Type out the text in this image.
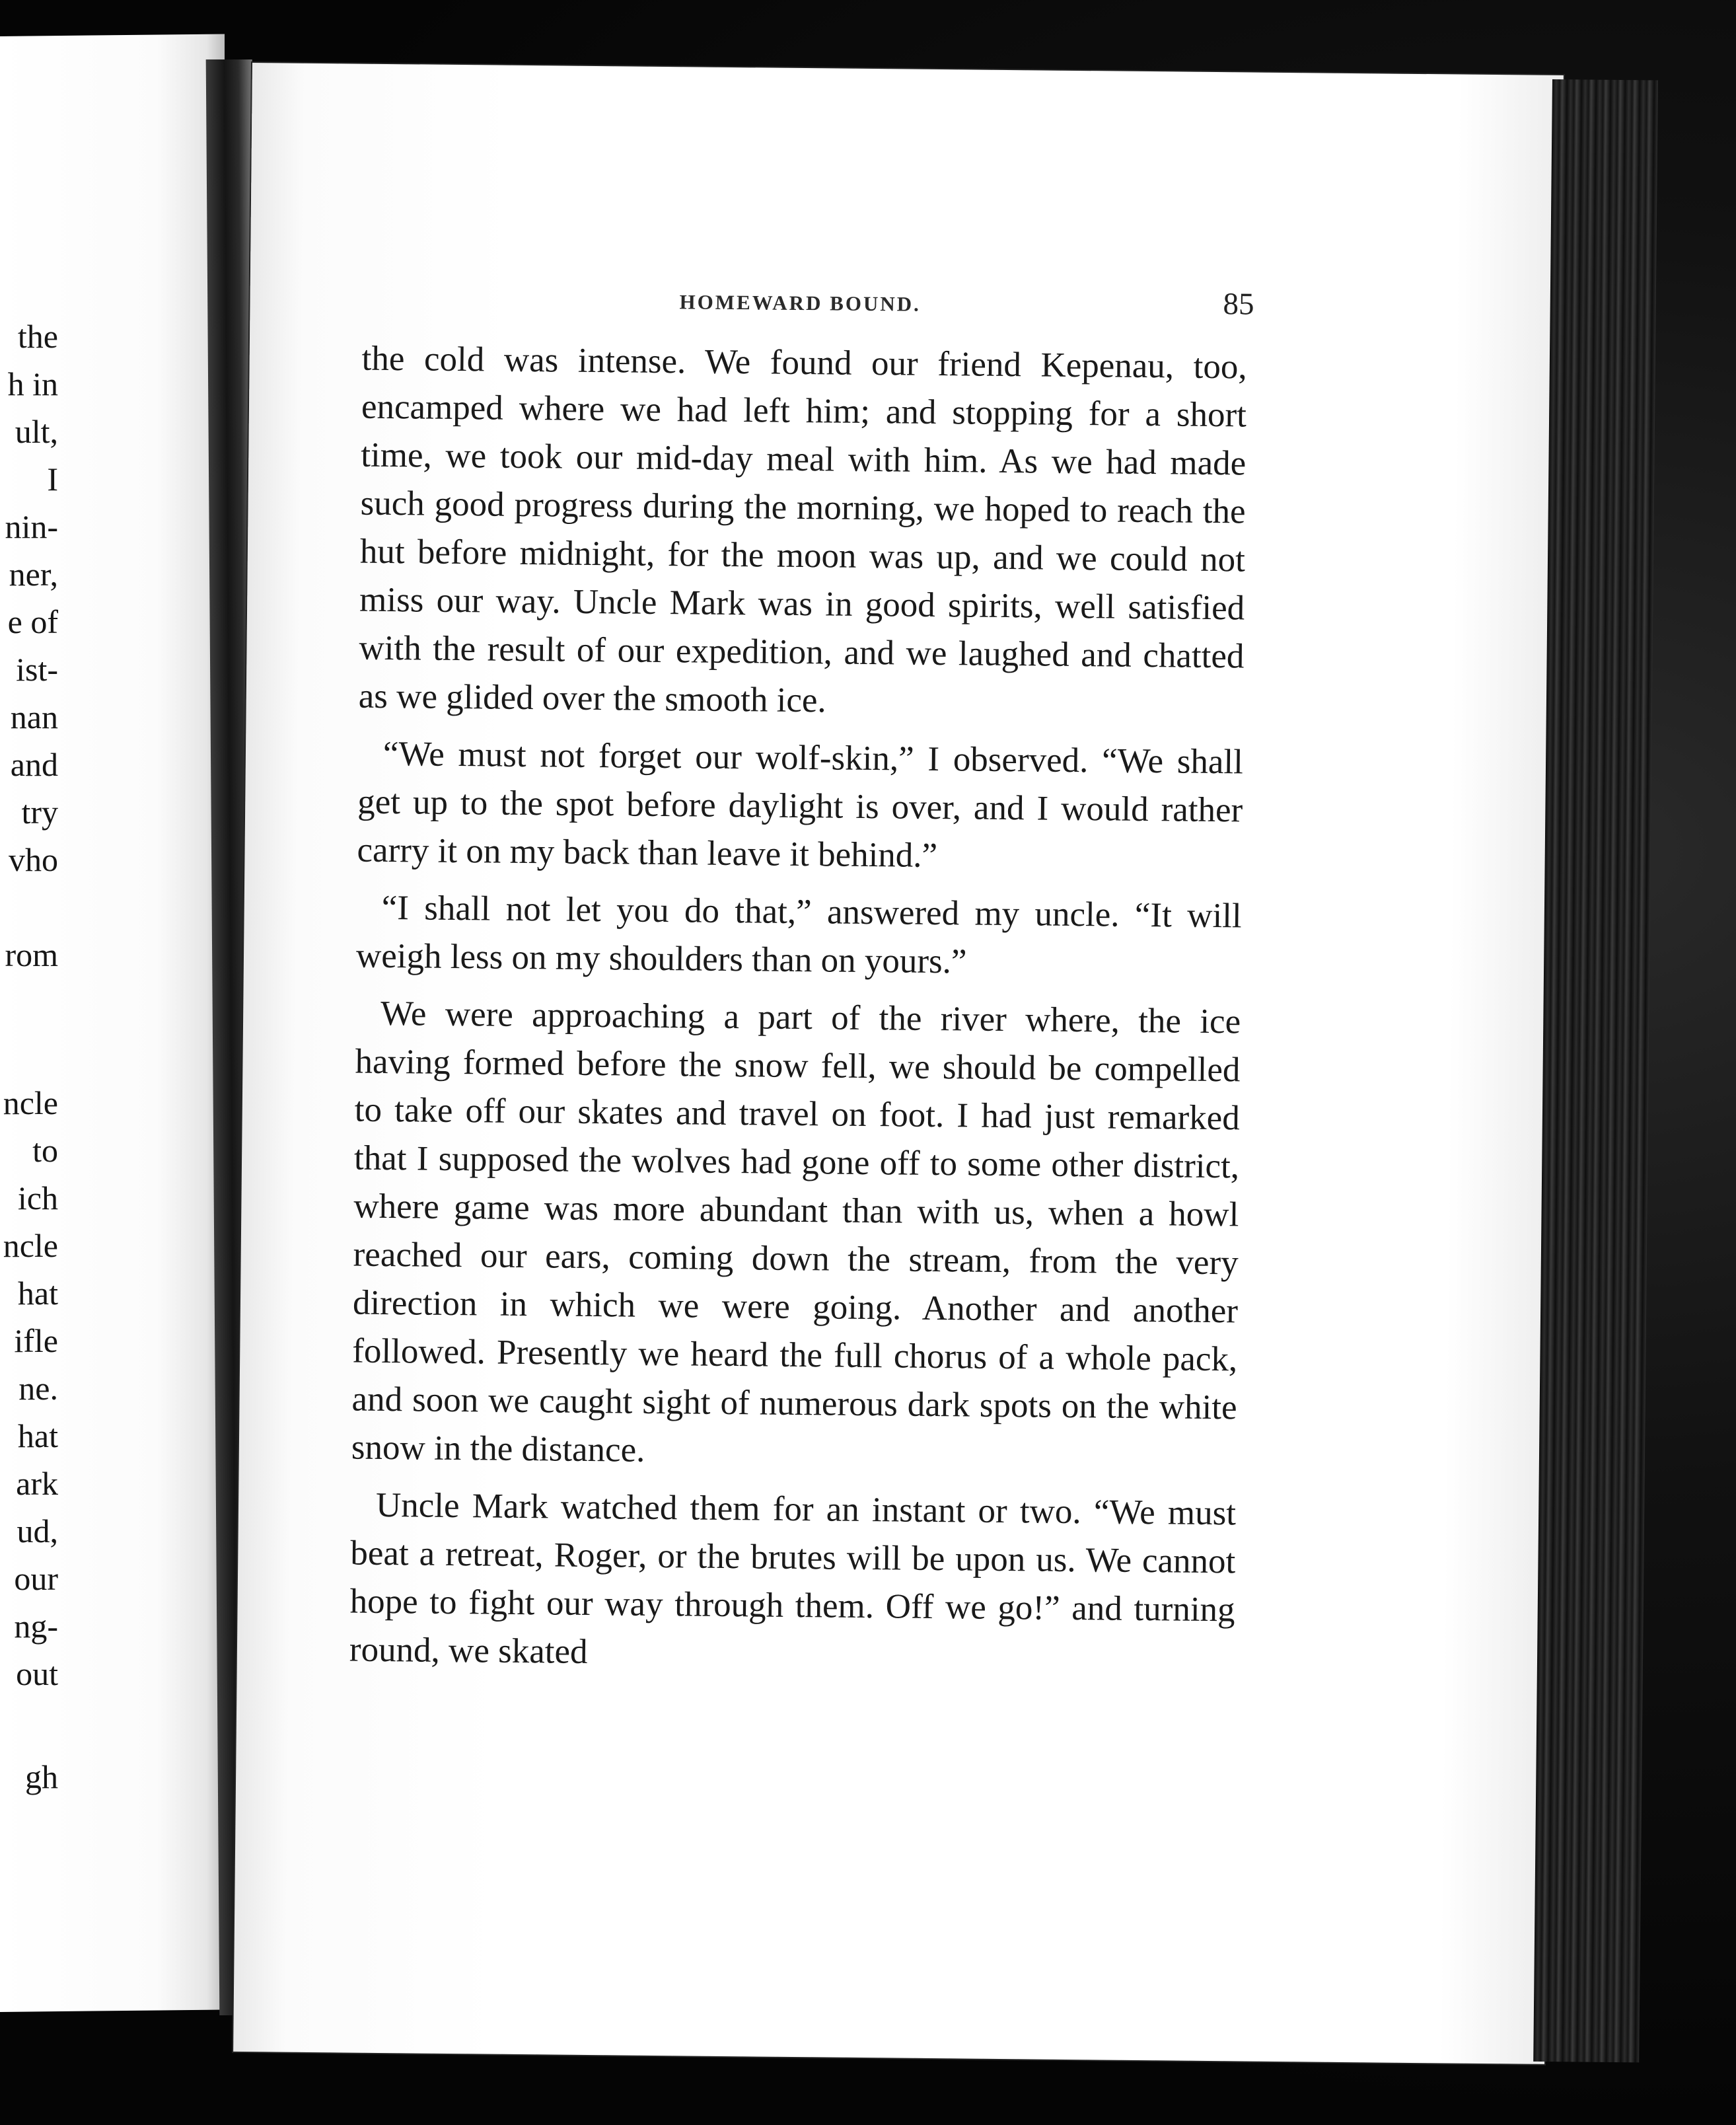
the
h in
ult,
I
nin-
ner,
e of
ist-
nan
and
try
vho
rom
ncle
to
ich
ncle
hat
ifle
ne.
hat
ark
ud,
our
ng-
out
gh
HOMEWARD BOUND.	85

the cold was intense. We found our friend Kepenau, too, encamped where we had left him; and stopping for a short time, we took our mid-day meal with him. As we had made such good progress during the morning, we hoped to reach the hut before midnight, for the moon was up, and we could not miss our way. Uncle Mark was in good spirits, well satisfied with the result of our expedition, and we laughed and chatted as we glided over the smooth ice.

“We must not forget our wolf-skin,” I observed. “We shall get up to the spot before daylight is over, and I would rather carry it on my back than leave it behind.”

“I shall not let you do that,” answered my uncle. “It will weigh less on my shoulders than on yours.”

We were approaching a part of the river where, the ice having formed before the snow fell, we should be compelled to take off our skates and travel on foot. I had just remarked that I supposed the wolves had gone off to some other district, where game was more abundant than with us, when a howl reached our ears, coming down the stream, from the very direction in which we were going. Another and another followed. Presently we heard the full chorus of a whole pack, and soon we caught sight of numerous dark spots on the white snow in the distance.

Uncle Mark watched them for an instant or two. “We must beat a retreat, Roger, or the brutes will be upon us. We cannot hope to fight our way through them. Off we go!” and turning round, we skated
